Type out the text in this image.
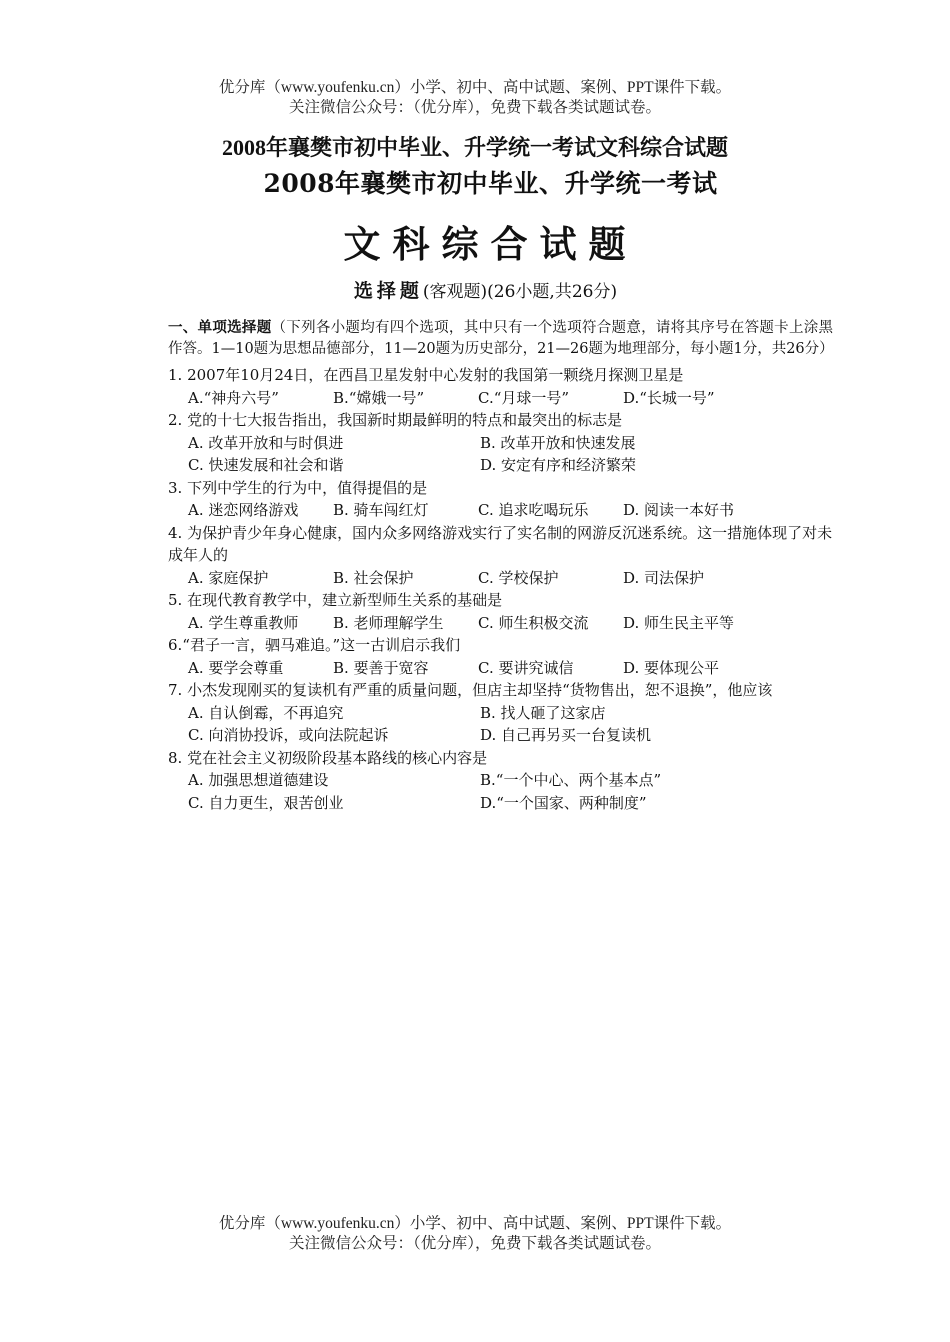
优分库（www.youfenku.cn）小学、初中、高中试题、案例、PPT课件下载。
关注微信公众号：（优分库），免费下载各类试题试卷。
2008年襄樊市初中毕业、升学统一考试文科综合试题
2008年襄樊市初中毕业、升学统一考试
文科综合试题
选择题(客观题)(26小题,共26分)
一、单项选择题（下列各小题均有四个选项，其中只有一个选项符合题意，请将其序号在答题卡上涂黑作答。1—10题为思想品德部分，11—20题为历史部分，21—26题为地理部分，每小题1分，共26分）
1. 2007年10月24日，在西昌卫星发射中心发射的我国第一颗绕月探测卫星是
A.“神舟六号”	B.“嫦娥一号”	C.“月球一号”	D.“长城一号”
2. 党的十七大报告指出，我国新时期最鲜明的特点和最突出的标志是
A. 改革开放和与时俱进	B. 改革开放和快速发展
C. 快速发展和社会和谐	D. 安定有序和经济繁荣
3. 下列中学生的行为中，值得提倡的是
A. 迷恋网络游戏	B. 骑车闯红灯	C. 追求吃喝玩乐	D. 阅读一本好书
4. 为保护青少年身心健康，国内众多网络游戏实行了实名制的网游反沉迷系统。这一措施体现了对未成年人的
A. 家庭保护	B. 社会保护	C. 学校保护	D. 司法保护
5. 在现代教育教学中，建立新型师生关系的基础是
A. 学生尊重教师	B. 老师理解学生	C. 师生积极交流	D. 师生民主平等
6.“君子一言，驷马难追。”这一古训启示我们
A. 要学会尊重	B. 要善于宽容	C. 要讲究诚信	D. 要体现公平
7. 小杰发现刚买的复读机有严重的质量问题，但店主却坚持“货物售出，恕不退换”，他应该
A. 自认倒霉，不再追究	B. 找人砸了这家店
C. 向消协投诉，或向法院起诉	D. 自己再另买一台复读机
8. 党在社会主义初级阶段基本路线的核心内容是
A. 加强思想道德建设	B.“一个中心、两个基本点”
C. 自力更生，艰苦创业	D.“一个国家、两种制度”
优分库（www.youfenku.cn）小学、初中、高中试题、案例、PPT课件下载。
关注微信公众号：（优分库），免费下载各类试题试卷。
